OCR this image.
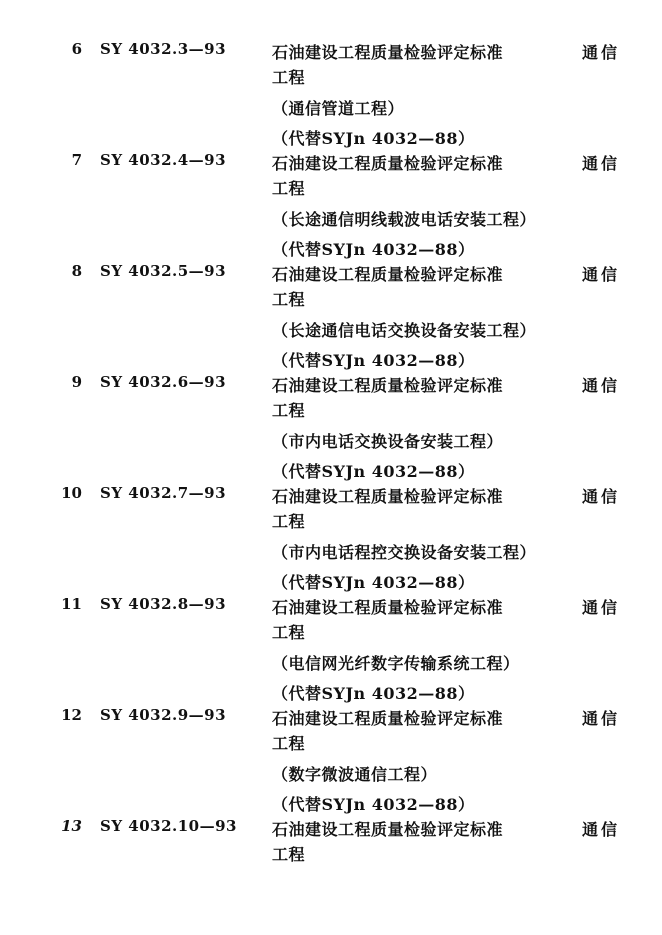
6 SY 4032.3—93	石油建设工程质量检验评定标准	通信
工程
（通信管道工程）
（代替SYJn 4032—88）
7 SY 4032.4—93	石油建设工程质量检验评定标准	通信
工程
（长途通信明线载波电话安装工程）
（代替SYJn 4032—88）
8 SY 4032.5—93	石油建设工程质量检验评定标准	通信
工程
（长途通信电话交换设备安装工程）
（代替SYJn 4032—88）
9 SY 4032.6—93	石油建设工程质量检验评定标准	通信
工程
（市内电话交换设备安装工程）
（代替SYJn 4032—88）
10 SY 4032.7—93	石油建设工程质量检验评定标准	通信
工程
（市内电话程控交换设备安装工程）
（代替SYJn 4032—88）
11 SY 4032.8—93	石油建设工程质量检验评定标准	通信
工程
（电信网光纤数字传输系统工程）
（代替SYJn 4032—88）
12 SY 4032.9—93	石油建设工程质量检验评定标准	通信
工程
（数字微波通信工程）
（代替SYJn 4032—88）
13 SY 4032.10—93 石油建设工程质量检验评定标准	通信
工程
